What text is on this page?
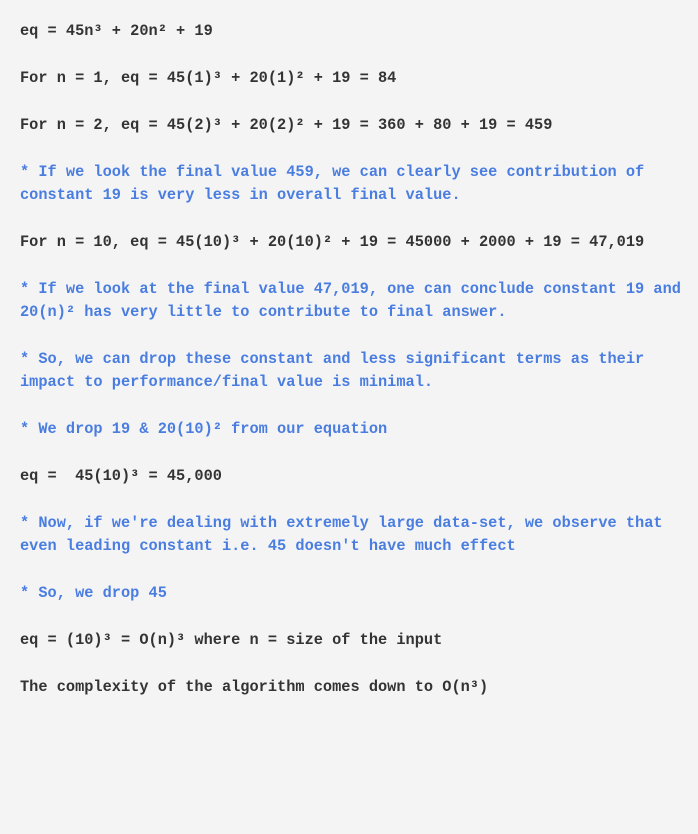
eq = 45n³ + 20n² + 19

For n = 1, eq = 45(1)³ + 20(1)² + 19 = 84

For n = 2, eq = 45(2)³ + 20(2)² + 19 = 360 + 80 + 19 = 459

* If we look the final value 459, we can clearly see contribution of constant 19 is very less in overall final value.

For n = 10, eq = 45(10)³ + 20(10)² + 19 = 45000 + 2000 + 19 = 47,019

* If we look at the final value 47,019, one can conclude constant 19 and 20(n)² has very little to contribute to final answer.

* So, we can drop these constant and less significant terms as their impact to performance/final value is minimal.

* We drop 19 & 20(10)² from our equation

eq =  45(10)³ = 45,000

* Now, if we're dealing with extremely large data-set, we observe that even leading constant i.e. 45 doesn't have much effect

* So, we drop 45

eq = (10)³ = O(n)³ where n = size of the input

The complexity of the algorithm comes down to O(n³)
